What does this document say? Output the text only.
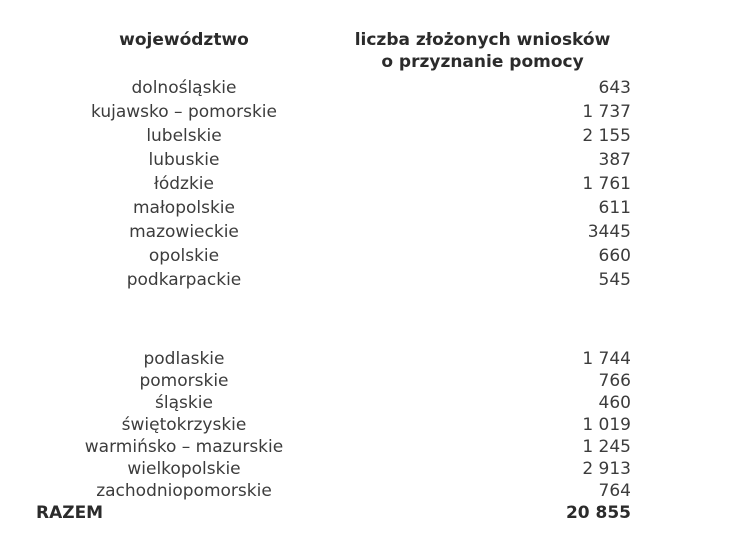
województwo	liczba złożonych wniosków
o przyznanie pomocy
dolnośląskie	643
kujawsko – pomorskie	1 737
lubelskie	2 155
lubuskie	387
łódzkie	1 761
małopolskie	611
mazowieckie	3445
opolskie	660
podkarpackie	545
podlaskie	1 744
pomorskie	766
śląskie	460
świętokrzyskie	1 019
warmińsko – mazurskie	1 245
wielkopolskie	2 913
zachodniopomorskie	764
RAZEM	20 855
